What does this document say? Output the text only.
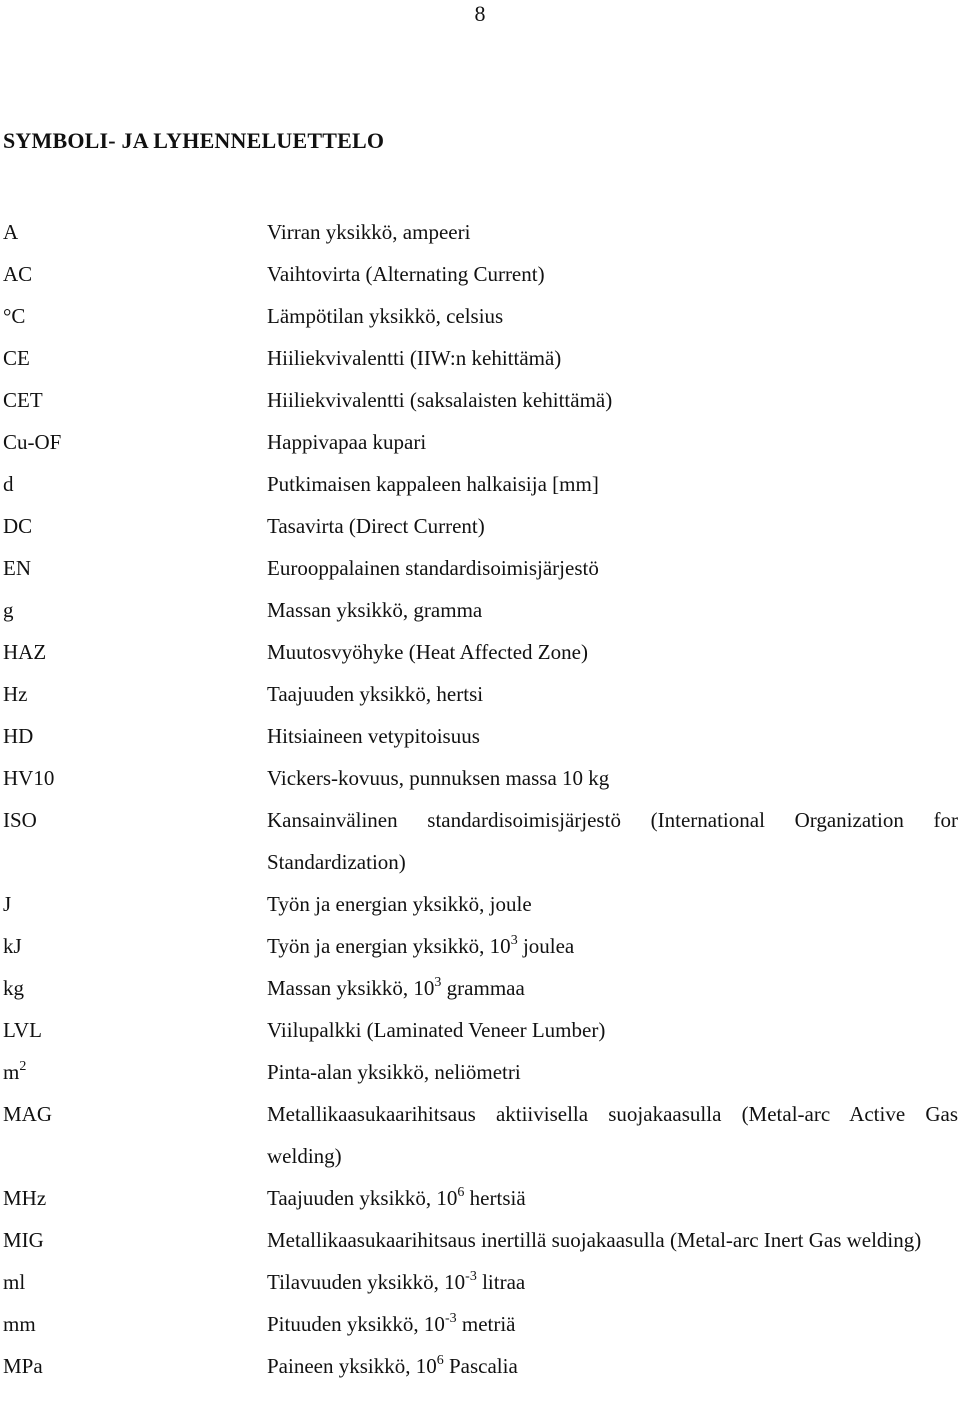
8
SYMBOLI- JA LYHENNELUETTELO
A	Virran yksikkö, ampeeri
AC	Vaihtovirta (Alternating Current)
°C	Lämpötilan yksikkö, celsius
CE	Hiiliekvivalentti (IIW:n kehittämä)
CET	Hiiliekvivalentti (saksalaisten kehittämä)
Cu-OF	Happivapaa kupari
d	Putkimaisen kappaleen halkaisija [mm]
DC	Tasavirta (Direct Current)
EN	Eurooppalainen standardisoimisjärjestö
g	Massan yksikkö, gramma
HAZ	Muutosvyöhyke (Heat Affected Zone)
Hz	Taajuuden yksikkö, hertsi
HD	Hitsiaineen vetypitoisuus
HV10	Vickers-kovuus, punnuksen massa 10 kg
ISO	Kansainvälinen standardisoimisjärjestö (International Organization for Standardization)
J	Työn ja energian yksikkö, joule
kJ	Työn ja energian yksikkö, $10^3$ joulea
kg	Massan yksikkö, $10^3$ grammaa
LVL	Viilupalkki (Laminated Veneer Lumber)
$m^2$	Pinta-alan yksikkö, neliömetri
MAG	Metallikaasukaarihitsaus aktiivisella suojakaasulla (Metal-arc Active Gas welding)
MHz	Taajuuden yksikkö, $10^6$ hertsiä
MIG	Metallikaasukaarihitsaus inertillä suojakaasulla (Metal-arc Inert Gas welding)
ml	Tilavuuden yksikkö, $10^{-3}$ litraa
mm	Pituuden yksikkö, $10^{-3}$ metriä
MPa	Paineen yksikkö, $10^6$ Pascalia
